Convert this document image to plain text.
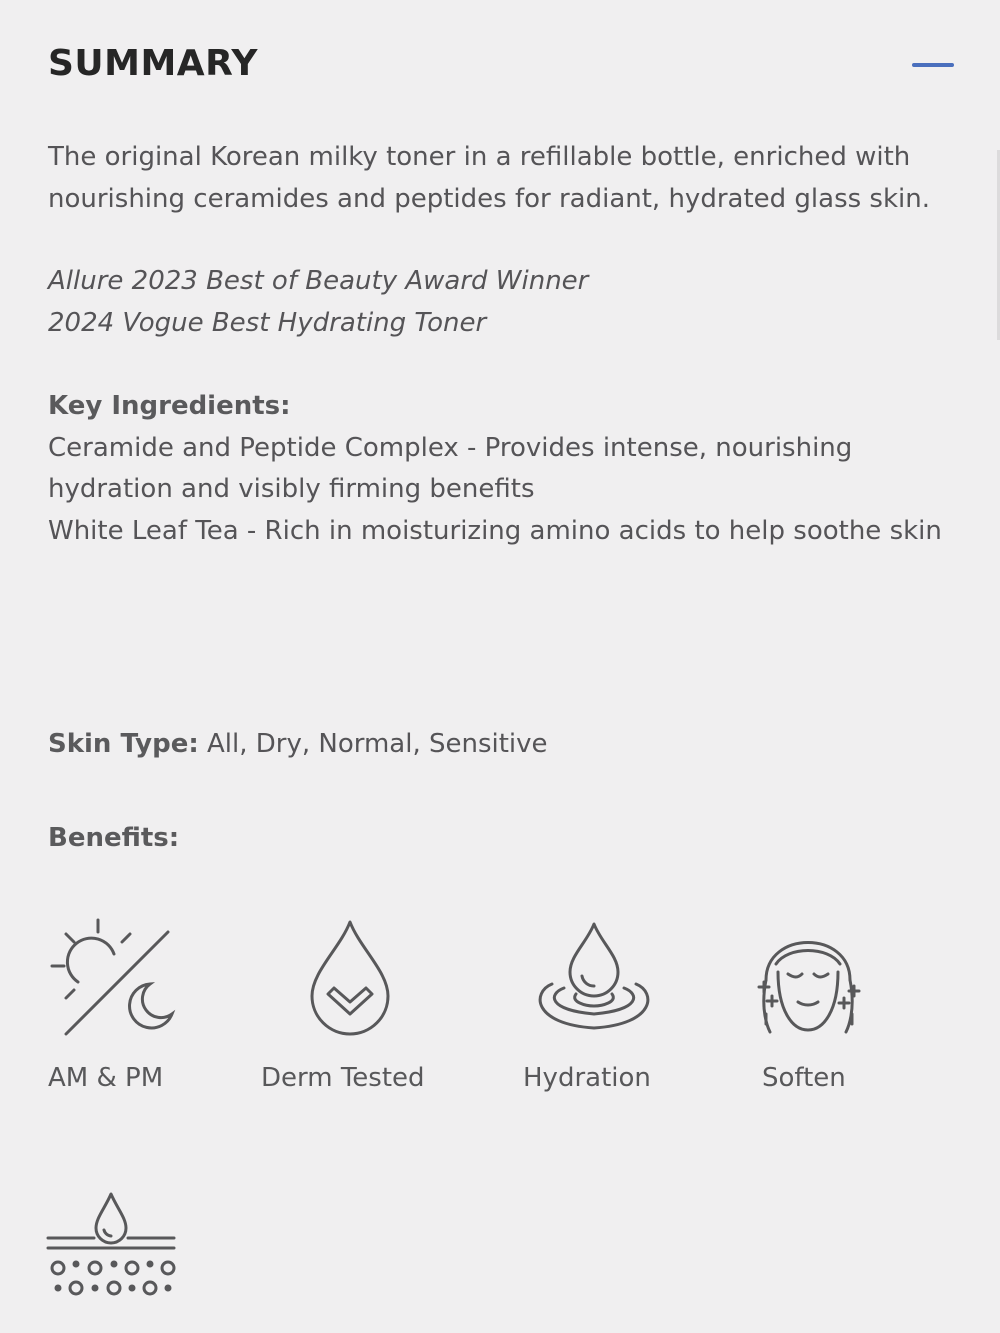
SUMMARY

The original Korean milky toner in a refillable bottle, enriched with nourishing ceramides and peptides for radiant, hydrated glass skin.

Allure 2023 Best of Beauty Award Winner

2024 Vogue Best Hydrating Toner

Key Ingredients:

Ceramide and Peptide Complex - Provides intense, nourishing hydration and visibly firming benefits

White Leaf Tea - Rich in moisturizing amino acids to help soothe skin

Skin Type: All, Dry, Normal, Sensitive
Benefits:
AM & PM	Derm Tested	Hydration	Soften
